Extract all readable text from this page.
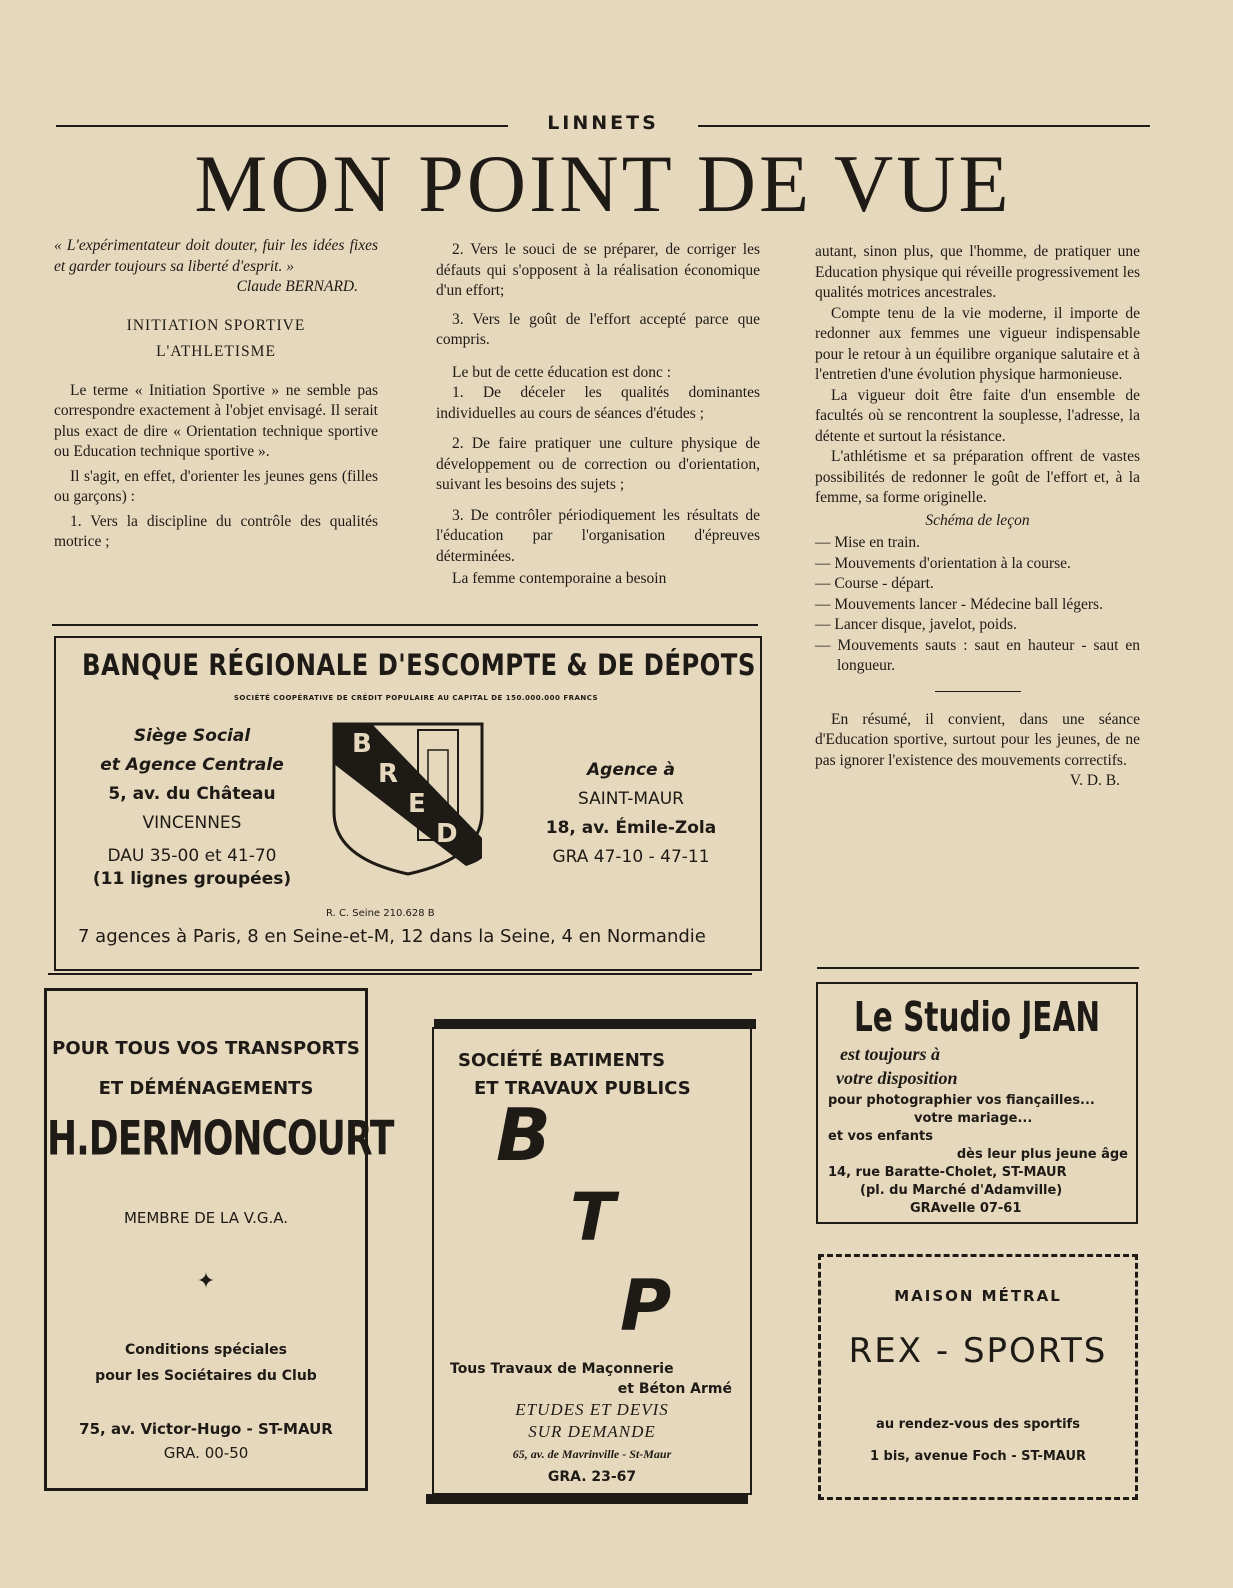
LINNETS
MON POINT DE VUE
« L'expérimentateur doit douter, fuir les idées fixes et garder toujours sa liberté d'esprit. »
Claude BERNARD.
INITIATION SPORTIVE
L'ATHLETISME

Le terme « Initiation Sportive » ne semble pas correspondre exactement à l'objet envisagé. Il serait plus exact de dire « Orientation technique sportive ou Education technique sportive ».

Il s'agit, en effet, d'orienter les jeunes gens (filles ou garçons) :

1. Vers la discipline du contrôle des qualités motrice ;

2. Vers le souci de se préparer, de corriger les défauts qui s'opposent à la réalisation économique d'un effort;

3. Vers le goût de l'effort accepté parce que compris.

Le but de cette éducation est donc :

1. De déceler les qualités dominantes individuelles au cours de séances d'études ;

2. De faire pratiquer une culture physique de développement ou de correction ou d'orientation, suivant les besoins des sujets ;

3. De contrôler périodiquement les résultats de l'éducation par l'organisation d'épreuves déterminées.

La femme contemporaine a besoin

autant, sinon plus, que l'homme, de pratiquer une Education physique qui réveille progressivement les qualités motrices ancestrales.

Compte tenu de la vie moderne, il importe de redonner aux femmes une vigueur indispensable pour le retour à un équilibre organique salutaire et à l'entretien d'une évolution physique harmonieuse.

La vigueur doit être faite d'un ensemble de facultés où se rencontrent la souplesse, l'adresse, la détente et surtout la résistance.

L'athlétisme et sa préparation offrent de vastes possibilités de redonner le goût de l'effort et, à la femme, sa forme originelle.

Schéma de leçon
— Mise en train.
— Mouvements d'orientation à la course.
— Course - départ.
— Mouvements lancer - Médecine ball légers.
— Lancer disque, javelot, poids.
— Mouvements sauts : saut en hauteur - saut en longueur.

En résumé, il convient, dans une séance d'Education sportive, surtout pour les jeunes, de ne pas ignorer l'existence des mouvements correctifs.

V. D. B.
BANQUE RÉGIONALE D'ESCOMPTE & DE DÉPOTS
SOCIÉTÉ COOPÉRATIVE DE CRÉDIT POPULAIRE AU CAPITAL DE 150.000.000 FRANCS
Siège Social
et Agence Centrale
5, av. du Château
VINCENNES
DAU 35-00 et 41-70
(11 lignes groupées)
B
R
E
D
Agence à
SAINT-MAUR
18, av. Émile-Zola
GRA 47-10 - 47-11
R. C. Seine 210.628 B
7 agences à Paris, 8 en Seine-et-M, 12 dans la Seine, 4 en Normandie
POUR TOUS VOS TRANSPORTS
ET DÉMÉNAGEMENTS
H.DERMONCOURT
MEMBRE DE LA V.G.A.
✦
Conditions spéciales
pour les Sociétaires du Club
75, av. Victor-Hugo - ST-MAUR
GRA. 00-50
SOCIÉTÉ BATIMENTS
ET TRAVAUX PUBLICS
B
T
P
Tous Travaux de Maçonnerie
et Béton Armé
ETUDES ET DEVIS
SUR DEMANDE
65, av. de Mavrinville - St-Maur
GRA. 23-67
Le Studio JEAN
est toujours à
votre disposition
pour photographier vos fiançailles...
votre mariage...
et vos enfants
dès leur plus jeune âge
14, rue Baratte-Cholet, ST-MAUR
(pl. du Marché d'Adamville)
GRAvelle 07-61
MAISON MÉTRAL
REX - SPORTS
au rendez-vous des sportifs
1 bis, avenue Foch - ST-MAUR
